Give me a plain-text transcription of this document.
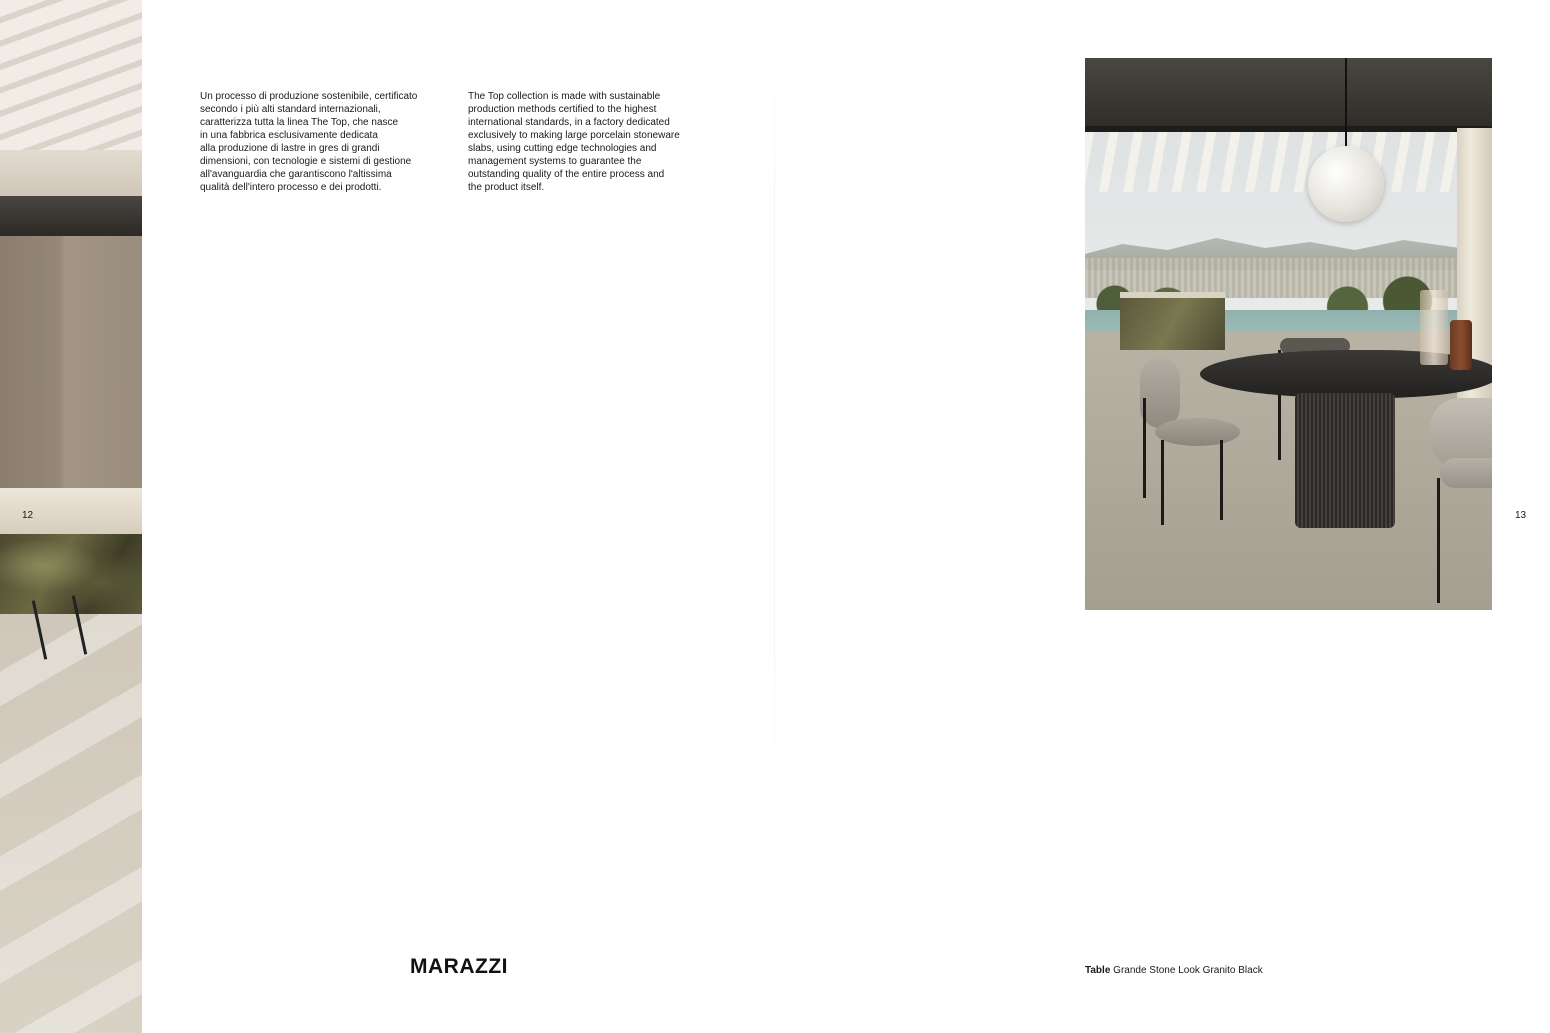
12	13

Un processo di produzione sostenibile, certificato
secondo i più alti standard internazionali,
caratterizza tutta la linea The Top, che nasce
in una fabbrica esclusivamente dedicata
alla produzione di lastre in gres di grandi
dimensioni, con tecnologie e sistemi di gestione
all'avanguardia che garantiscono l'altissima
qualità dell'intero processo e dei prodotti.

The Top collection is made with sustainable
production methods certified to the highest
international standards, in a factory dedicated
exclusively to making large porcelain stoneware
slabs, using cutting edge technologies and
management systems to guarantee the
outstanding quality of the entire process and
the product itself.

MARAZZI	Table Grande Stone Look Granito Black
